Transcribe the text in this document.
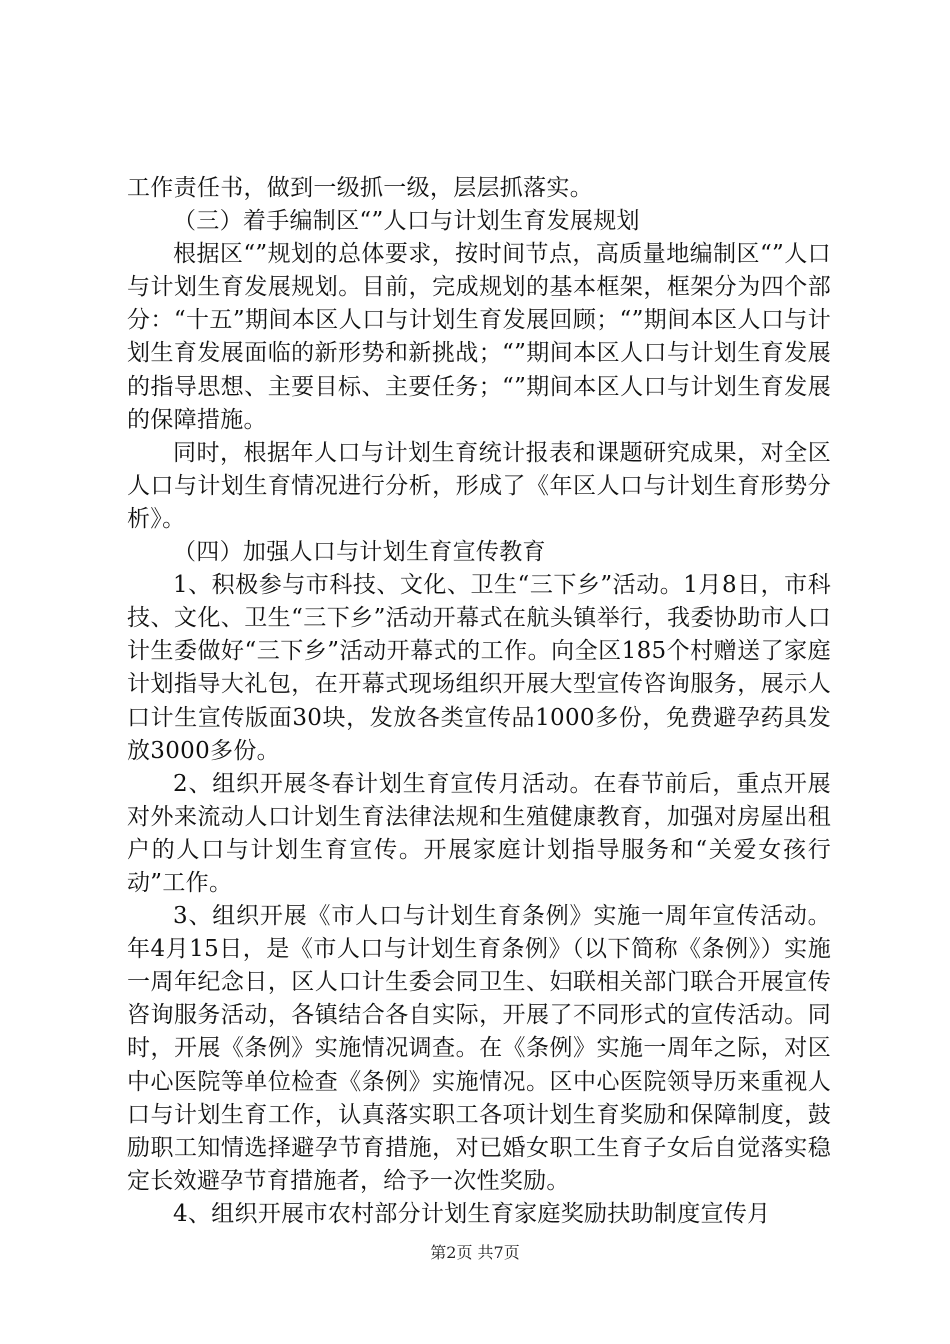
工作责任书，做到一级抓一级，层层抓落实。

（三）着手编制区“”人口与计划生育发展规划

根据区“”规划的总体要求，按时间节点，高质量地编制区“”人口与计划生育发展规划。目前，完成规划的基本框架，框架分为四个部分：“十五”期间本区人口与计划生育发展回顾；“”期间本区人口与计划生育发展面临的新形势和新挑战；“”期间本区人口与计划生育发展的指导思想、主要目标、主要任务；“”期间本区人口与计划生育发展的保障措施。

同时，根据年人口与计划生育统计报表和课题研究成果，对全区人口与计划生育情况进行分析，形成了《年区人口与计划生育形势分析》。

（四）加强人口与计划生育宣传教育

1、积极参与市科技、文化、卫生“三下乡”活动。1月8日，市科技、文化、卫生“三下乡”活动开幕式在航头镇举行，我委协助市人口计生委做好“三下乡”活动开幕式的工作。向全区185个村赠送了家庭计划指导大礼包，在开幕式现场组织开展大型宣传咨询服务，展示人口计生宣传版面30块，发放各类宣传品1000多份，免费避孕药具发放3000多份。

2、组织开展冬春计划生育宣传月活动。在春节前后，重点开展对外来流动人口计划生育法律法规和生殖健康教育，加强对房屋出租户的人口与计划生育宣传。开展家庭计划指导服务和“关爱女孩行动”工作。

3、组织开展《市人口与计划生育条例》实施一周年宣传活动。年4月15日，是《市人口与计划生育条例》（以下简称《条例》）实施一周年纪念日，区人口计生委会同卫生、妇联相关部门联合开展宣传咨询服务活动，各镇结合各自实际，开展了不同形式的宣传活动。同时，开展《条例》实施情况调查。在《条例》实施一周年之际，对区中心医院等单位检查《条例》实施情况。区中心医院领导历来重视人口与计划生育工作，认真落实职工各项计划生育奖励和保障制度，鼓励职工知情选择避孕节育措施，对已婚女职工生育子女后自觉落实稳定长效避孕节育措施者，给予一次性奖励。

4、组织开展市农村部分计划生育家庭奖励扶助制度宣传月

第2页 共7页
